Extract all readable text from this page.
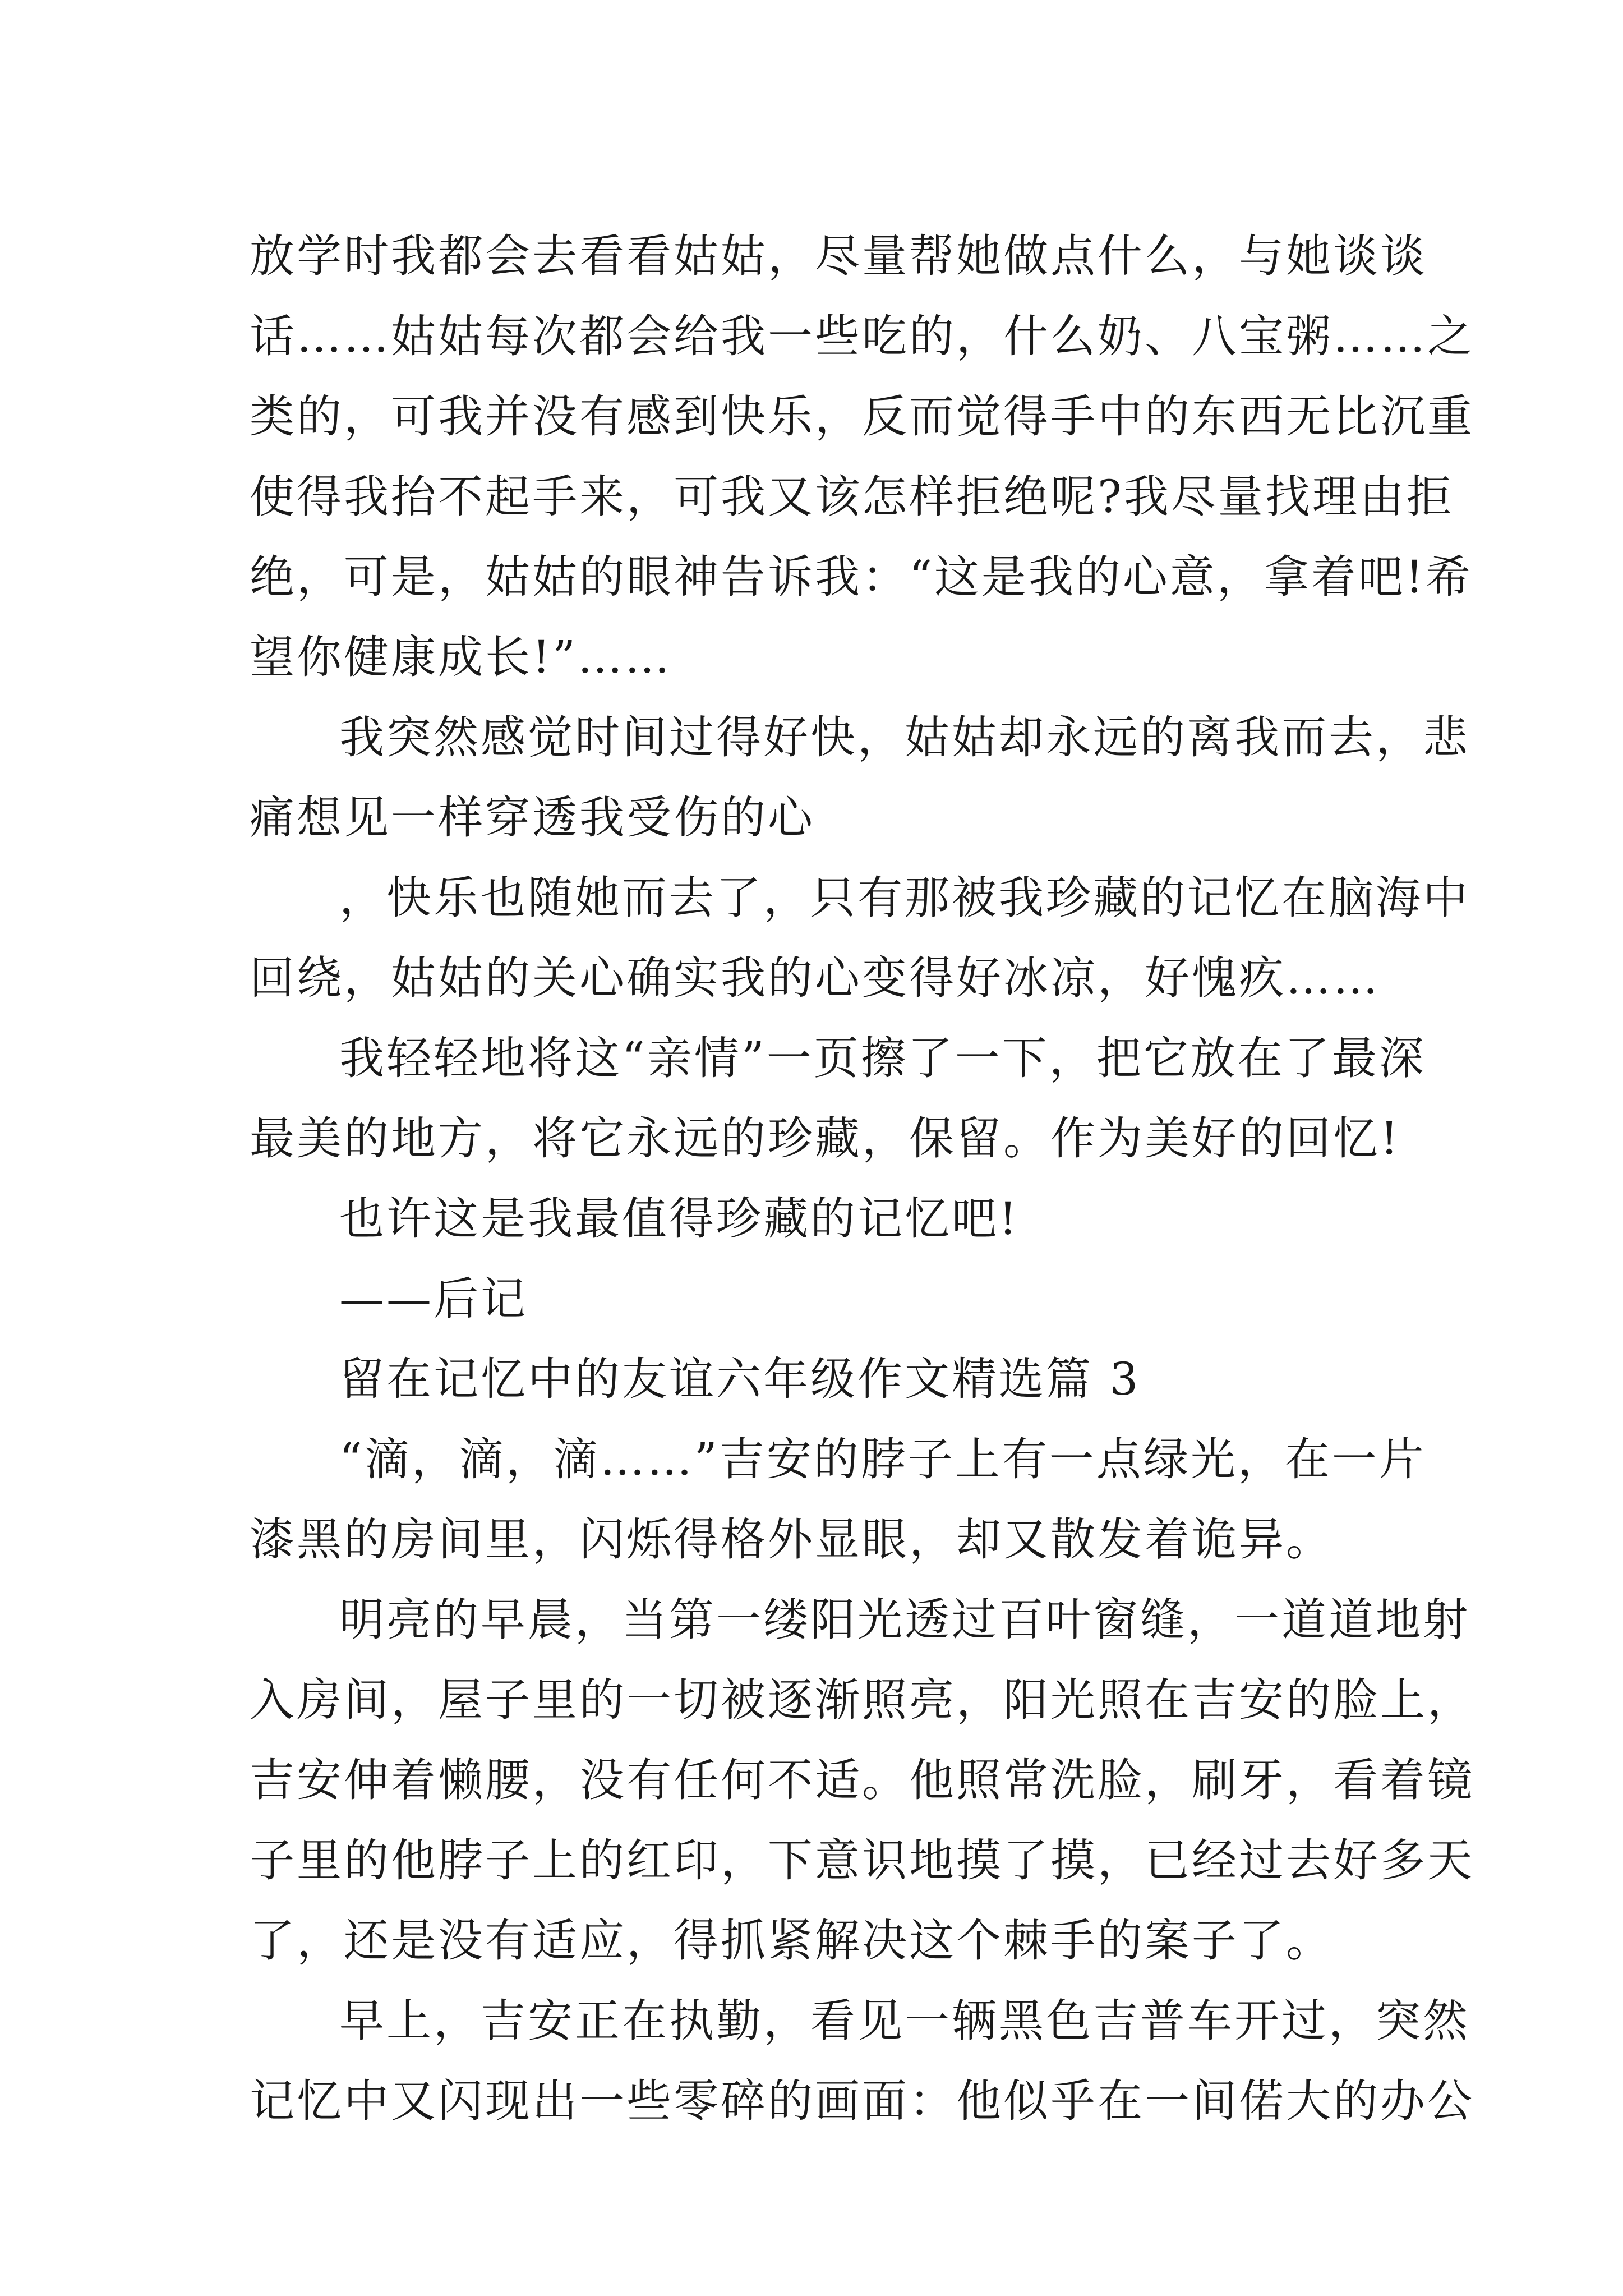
放学时我都会去看看姑姑，尽量帮她做点什么，与她谈谈
话……姑姑每次都会给我一些吃的，什么奶、八宝粥……之
类的，可我并没有感到快乐，反而觉得手中的东西无比沉重
使得我抬不起手来，可我又该怎样拒绝呢?我尽量找理由拒
绝，可是，姑姑的眼神告诉我：“这是我的心意，拿着吧!希
望你健康成长!”……
我突然感觉时间过得好快，姑姑却永远的离我而去，悲
痛想见一样穿透我受伤的心
，快乐也随她而去了，只有那被我珍藏的记忆在脑海中
回绕，姑姑的关心确实我的心变得好冰凉，好愧疚……
我轻轻地将这“亲情”一页擦了一下，把它放在了最深
最美的地方，将它永远的珍藏，保留。作为美好的回忆!
也许这是我最值得珍藏的记忆吧!
——后记
留在记忆中的友谊六年级作文精选篇 3
“滴，滴，滴……”吉安的脖子上有一点绿光，在一片
漆黑的房间里，闪烁得格外显眼，却又散发着诡异。
明亮的早晨，当第一缕阳光透过百叶窗缝，一道道地射
入房间，屋子里的一切被逐渐照亮，阳光照在吉安的脸上，
吉安伸着懒腰，没有任何不适。他照常洗脸，刷牙，看着镜
子里的他脖子上的红印，下意识地摸了摸，已经过去好多天
了，还是没有适应，得抓紧解决这个棘手的案子了。
早上，吉安正在执勤，看见一辆黑色吉普车开过，突然
记忆中又闪现出一些零碎的画面：他似乎在一间偌大的办公
